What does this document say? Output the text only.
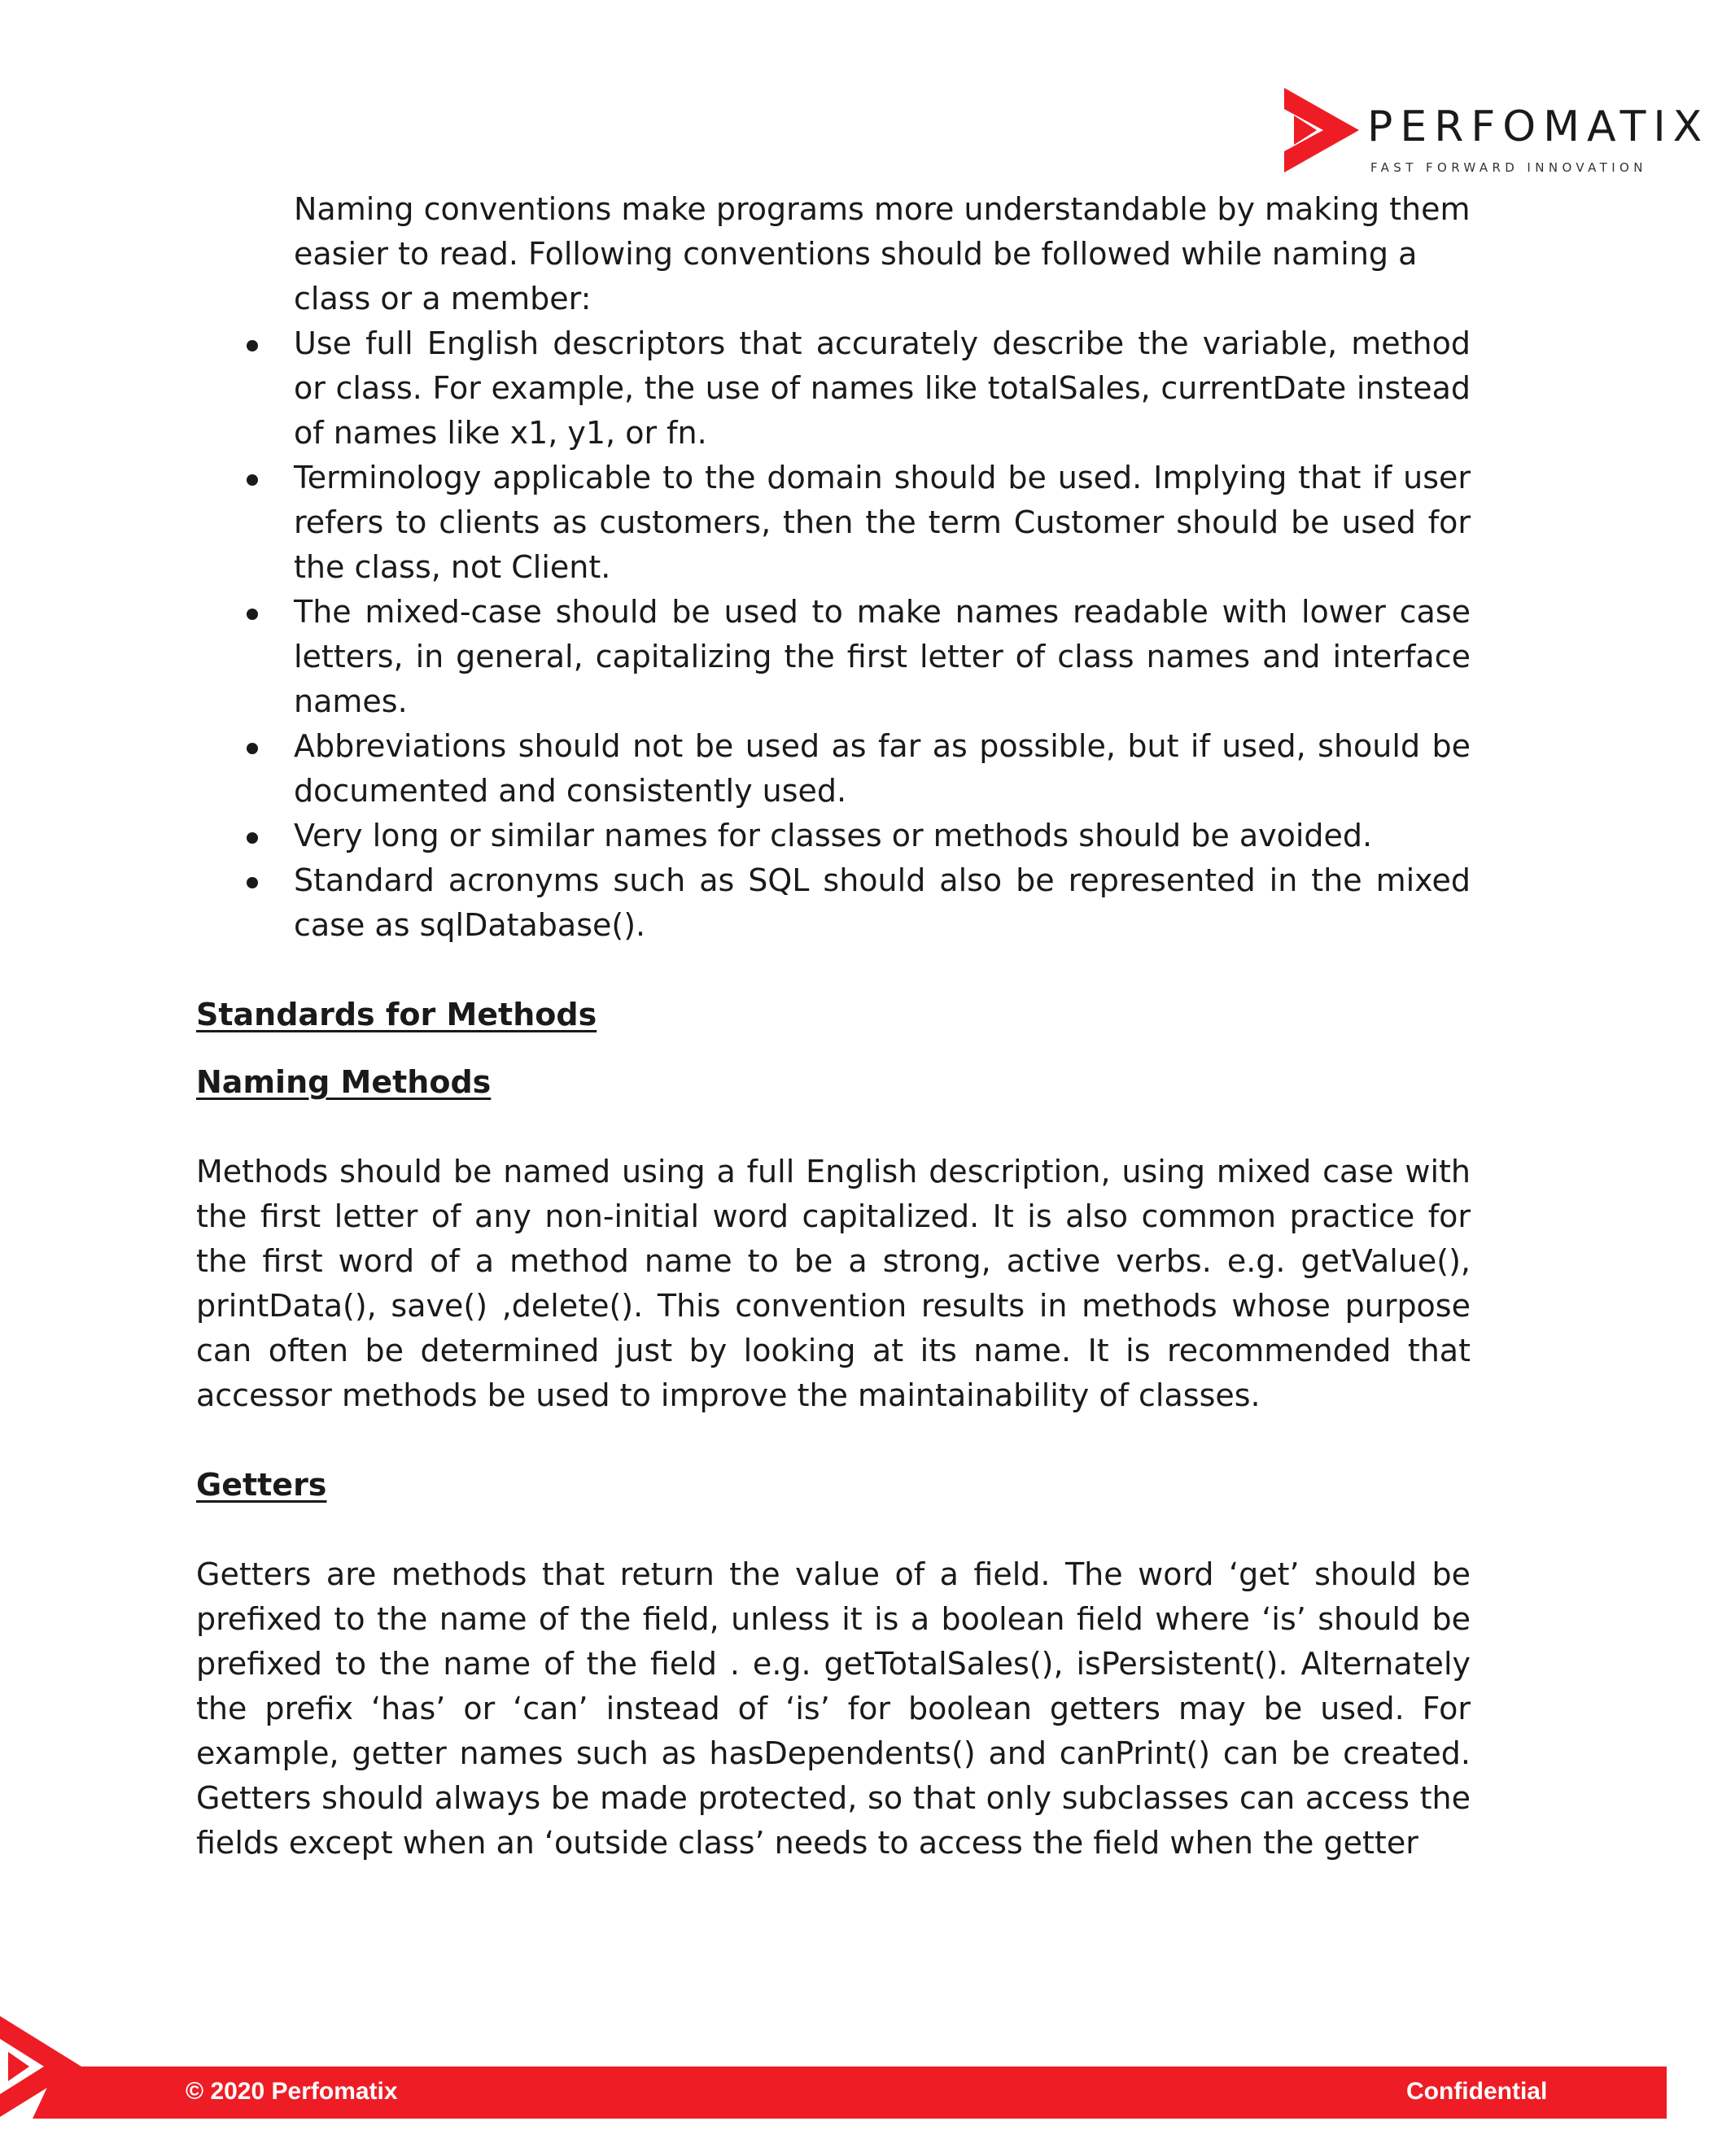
PERFOMATIX
FAST FORWARD INNOVATION

Naming conventions make programs more understandable by making them easier to read. Following conventions should be followed while naming a class or a member:

Use full English descriptors that accurately describe the variable, method or class. For example, the use of names like totalSales, currentDate instead of names like x1, y1, or fn.
Terminology applicable to the domain should be used. Implying that if user refers to clients as customers, then the term Customer should be used for the class, not Client.
The mixed-case should be used to make names readable with lower case letters, in general, capitalizing the first letter of class names and interface names.
Abbreviations should not be used as far as possible, but if used, should be documented and consistently used.
Very long or similar names for classes or methods should be avoided.
Standard acronyms such as SQL should also be represented in the mixed case as sqlDatabase().

Standards for Methods

Naming Methods

Methods should be named using a full English description, using mixed case with the first letter of any non-initial word capitalized. It is also common practice for the first word of a method name to be a strong, active verbs. e.g. getValue(), printData(), save() ,delete(). This convention results in methods whose purpose can often be determined just by looking at its name. It is recommended that accessor methods be used to improve the maintainability of classes.

Getters

Getters are methods that return the value of a field. The word ‘get’ should be prefixed to the name of the field, unless it is a boolean field where ‘is’ should be prefixed to the name of the field . e.g. getTotalSales(), isPersistent(). Alternately the prefix ‘has’ or ‘can’ instead of ‘is’ for boolean getters may be used. For example, getter names such as hasDependents() and canPrint() can be created. Getters should always be made protected, so that only subclasses can access the fields except when an ‘outside class’ needs to access the field when the getter

© 2020 Perfomatix	Confidential
